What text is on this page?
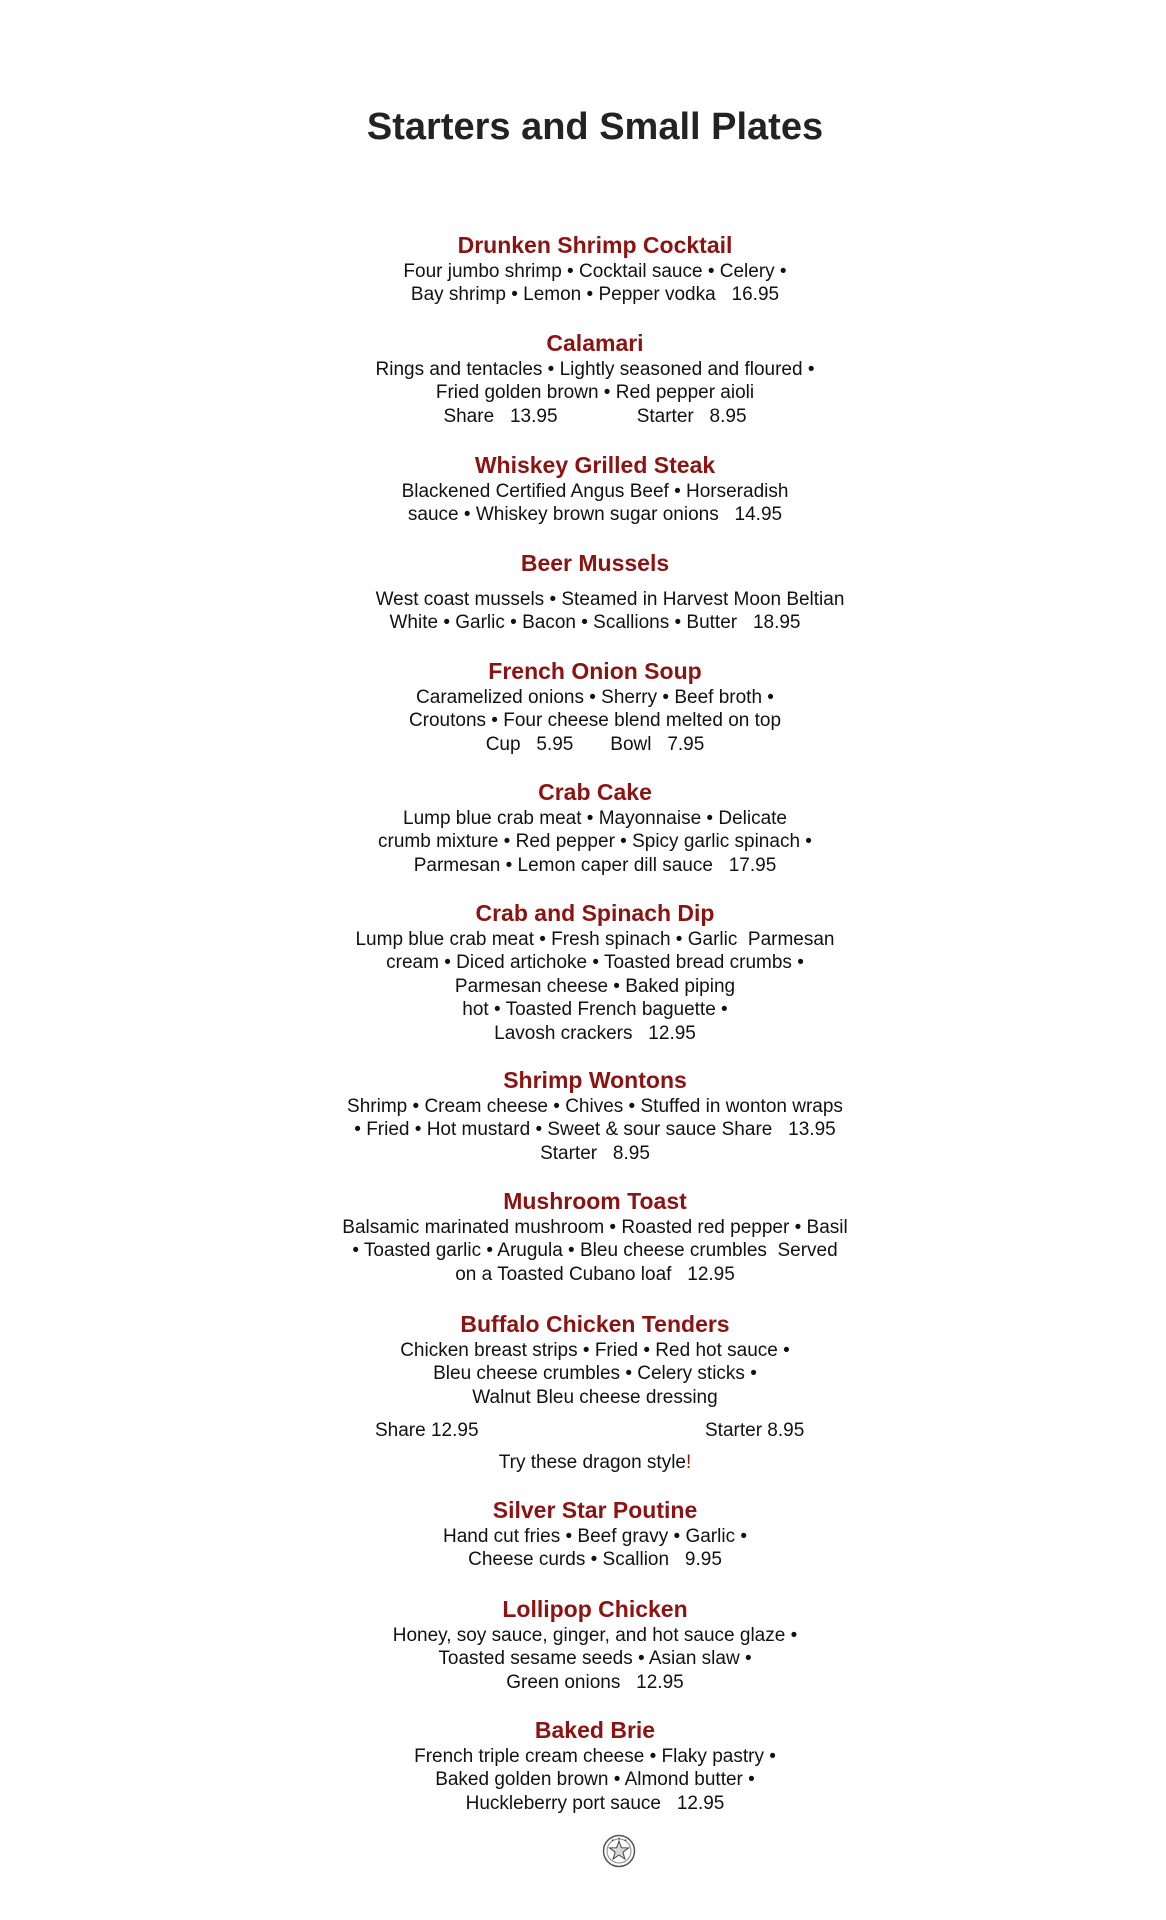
Starters and Small Plates
Drunken Shrimp Cocktail
Four jumbo shrimp • Cocktail sauce • Celery •
Bay shrimp • Lemon • Pepper vodka   16.95
Calamari
Rings and tentacles • Lightly seasoned and floured •
Fried golden brown • Red pepper aioli
Share   13.95               Starter   8.95
Whiskey Grilled Steak
Blackened Certified Angus Beef • Horseradish
sauce • Whiskey brown sugar onions   14.95
Beer Mussels
West coast mussels • Steamed in Harvest Moon Beltian
White • Garlic • Bacon • Scallions • Butter   18.95
French Onion Soup
Caramelized onions • Sherry • Beef broth •
Croutons • Four cheese blend melted on top
Cup   5.95       Bowl   7.95
Crab Cake
Lump blue crab meat • Mayonnaise • Delicate
crumb mixture • Red pepper • Spicy garlic spinach •
Parmesan • Lemon caper dill sauce   17.95
Crab and Spinach Dip
Lump blue crab meat • Fresh spinach • Garlic  Parmesan
cream • Diced artichoke • Toasted bread crumbs •
Parmesan cheese • Baked piping
hot • Toasted French baguette •
Lavosh crackers   12.95
Shrimp Wontons
Shrimp • Cream cheese • Chives • Stuffed in wonton wraps
• Fried • Hot mustard • Sweet & sour sauce Share   13.95
Starter   8.95
Mushroom Toast
Balsamic marinated mushroom • Roasted red pepper • Basil
• Toasted garlic • Arugula • Bleu cheese crumbles  Served
on a Toasted Cubano loaf   12.95
Buffalo Chicken Tenders
Chicken breast strips • Fried • Red hot sauce •
Bleu cheese crumbles • Celery sticks •
Walnut Bleu cheese dressing
Share 12.95	Starter 8.95
Try these dragon style!
Silver Star Poutine
Hand cut fries • Beef gravy • Garlic •
Cheese curds • Scallion   9.95
Lollipop Chicken
Honey, soy sauce, ginger, and hot sauce glaze •
Toasted sesame seeds • Asian slaw •
Green onions   12.95
Baked Brie
French triple cream cheese • Flaky pastry •
Baked golden brown • Almond butter •
Huckleberry port sauce   12.95
